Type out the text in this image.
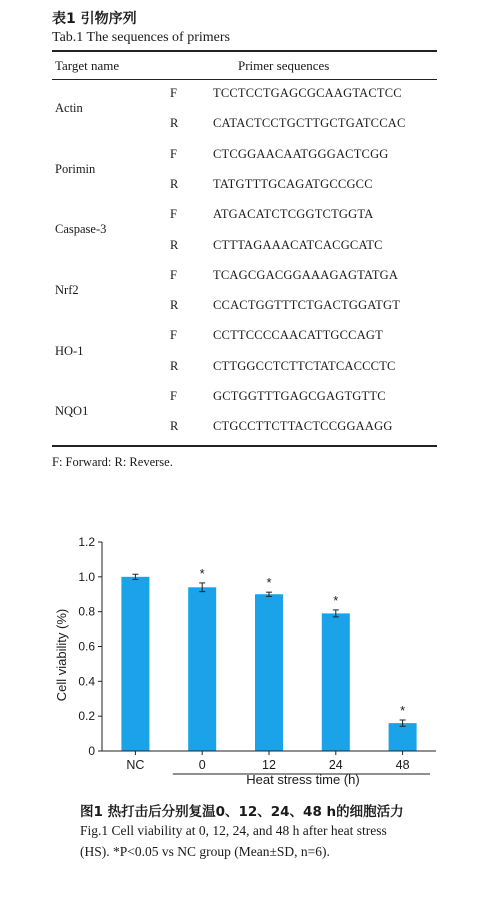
表1 引物序列
Tab.1 The sequences of primers
Target name	Primer sequences
Actin
F	TCCTCCTGAGCGCAAGTACTCC
R	CATACTCCTGCTTGCTGATCCAC
Porimin
F	CTCGGAACAATGGGACTCGG
R	TATGTTTGCAGATGCCGCC
Caspase-3
F	ATGACATCTCGGTCTGGTA
R	CTTTAGAAACATCACGCATC
Nrf2
F	TCAGCGACGGAAAGAGTATGA
R	CCACTGGTTTCTGACTGGATGT
HO-1
F	CCTTCCCCAACATTGCCAGT
R	CTTGGCCTCTTCTATCACCCTC
NQO1
F	GCTGGTTTGAGCGAGTGTTC
R	CTGCCTTCTTACTCCGGAAGG
F: Forward: R: Reverse.
0
0.2
0.4
0.6
0.8
1.0
1.2
*
*
*
*
NC	0	12	24	48
Cell viability (%)
Heat stress time (h)
图1 热打击后分别复温0、12、24、48 h的细胞活力
Fig.1 Cell viability at 0, 12, 24, and 48 h after heat stress
(HS). *P<0.05 vs NC group (Mean±SD, n=6).
